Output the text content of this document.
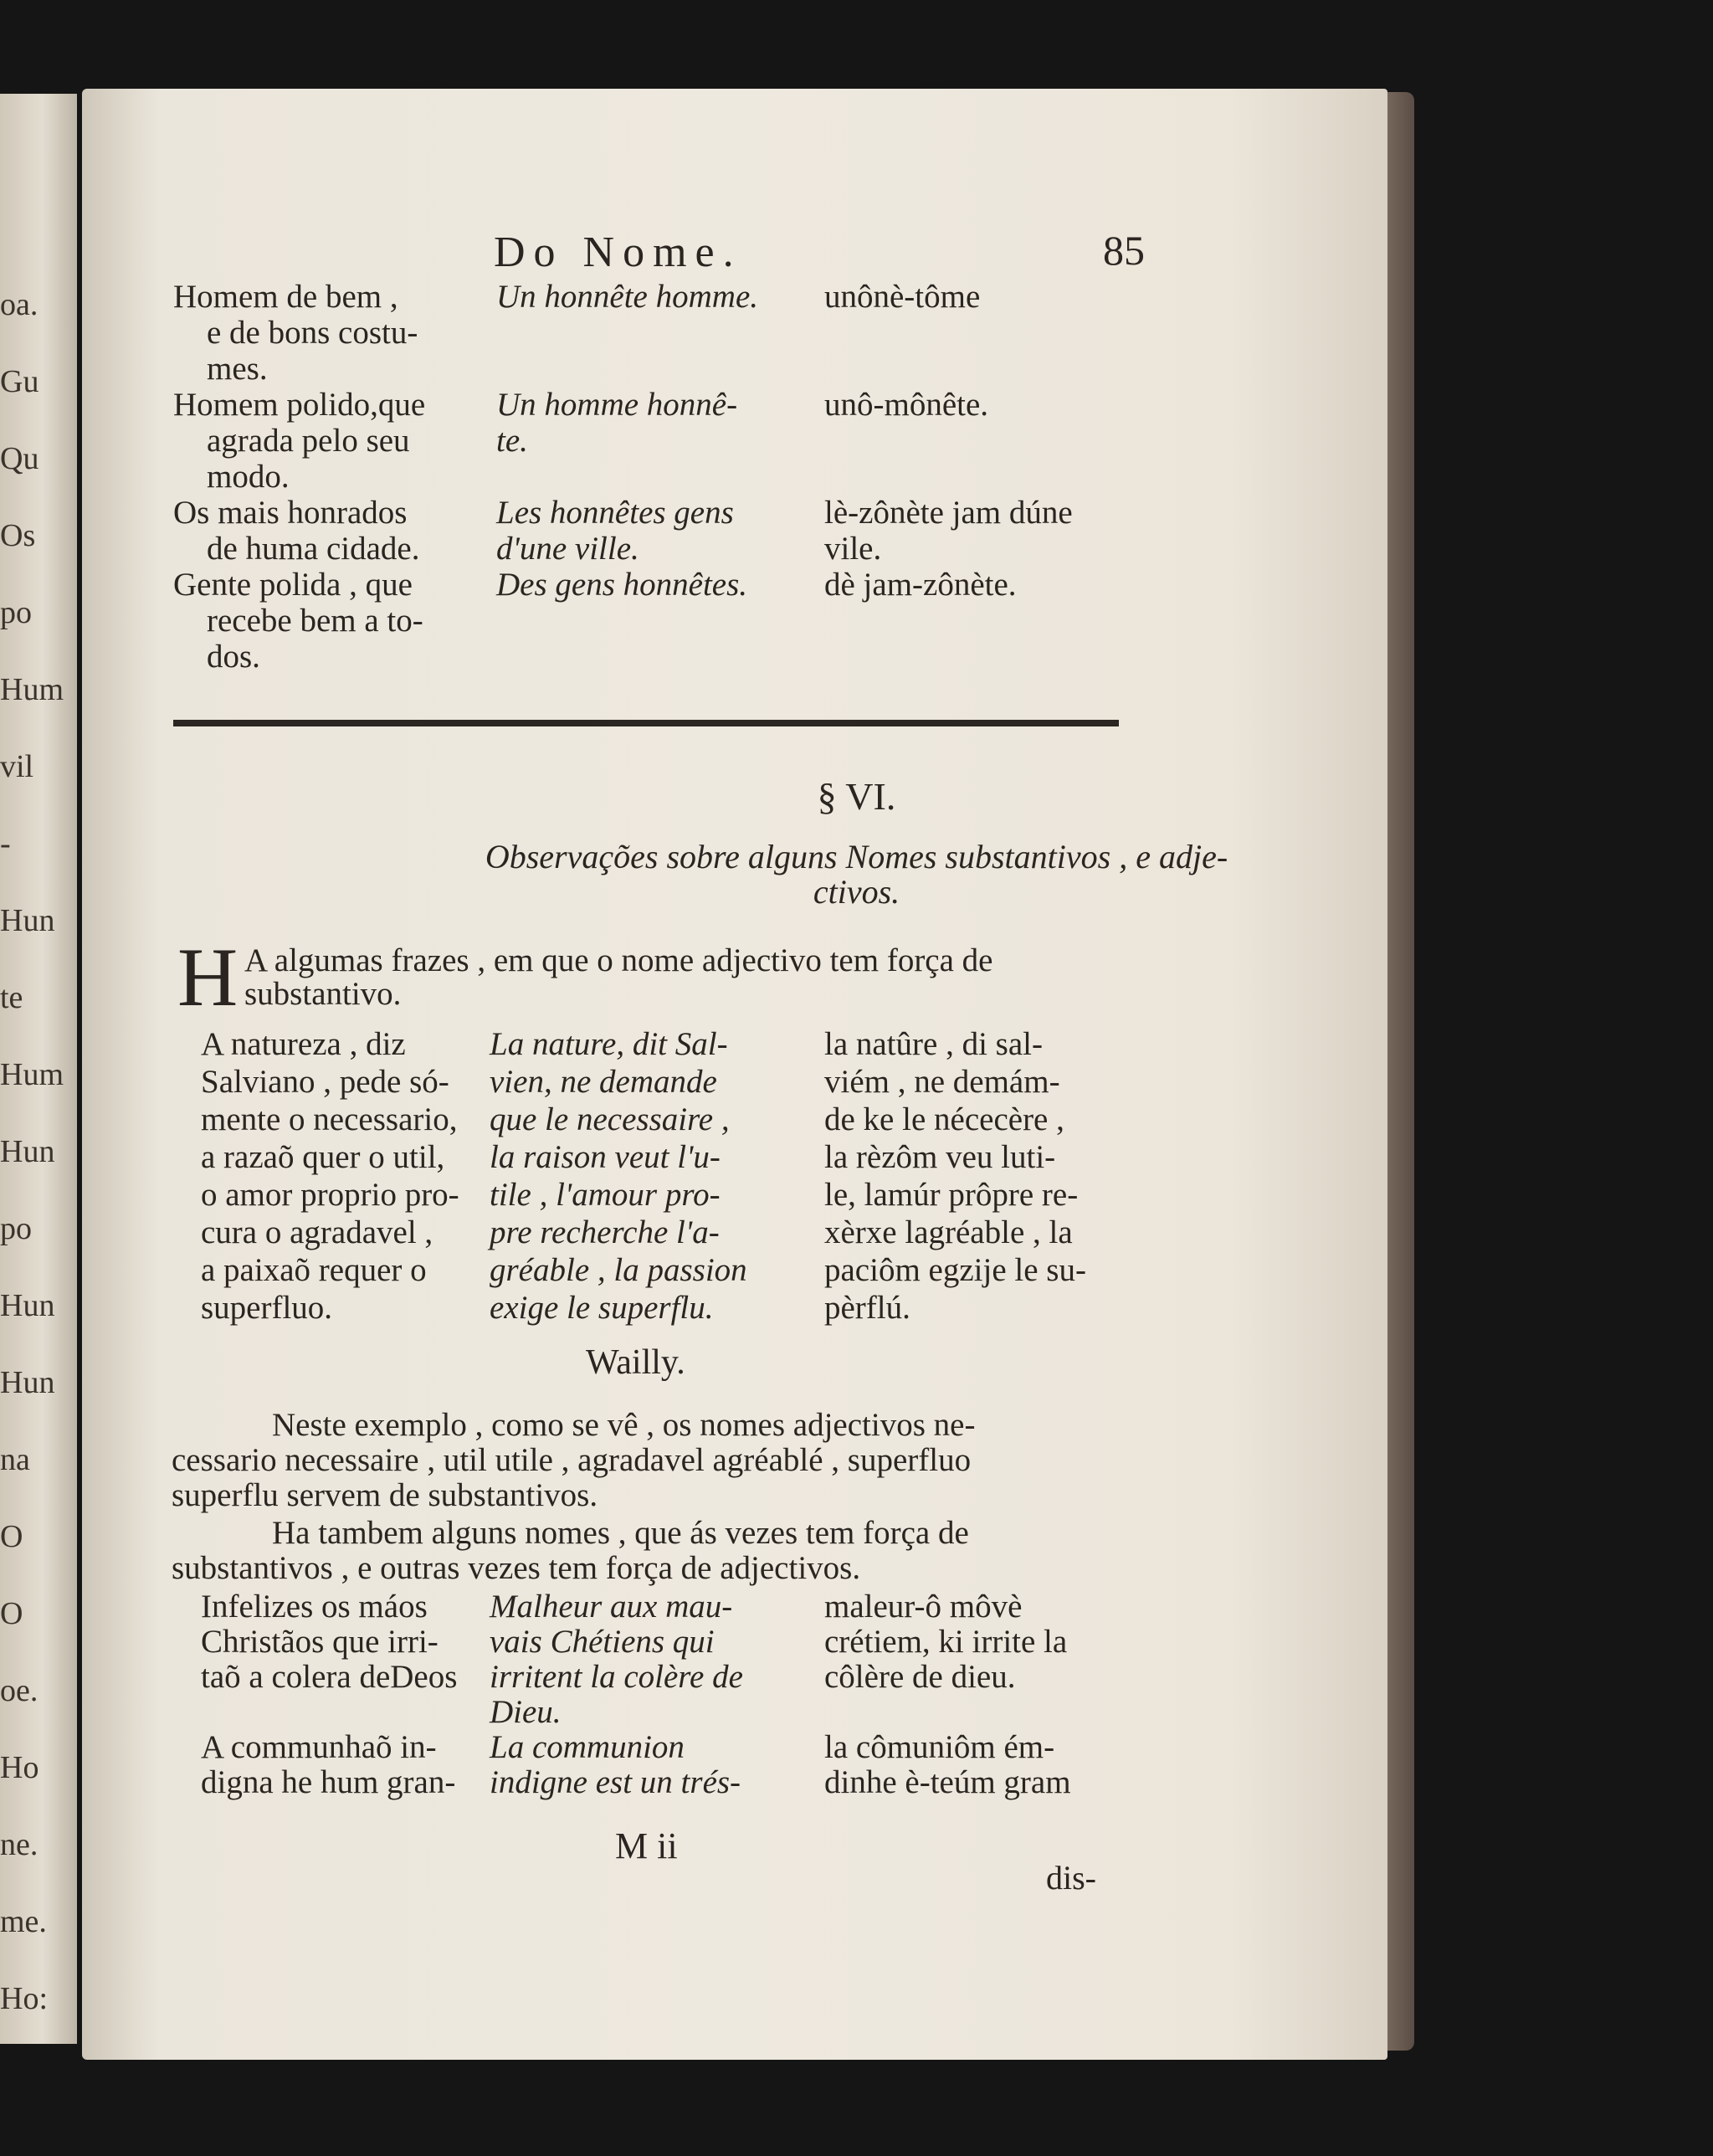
oa.
Gu
Qu
Os
po
Hum
vil
-
Hun
te
Hum
Hun
po
Hun
Hun
na
O
O
oe.
Ho
ne.
me.
Ho:
Do Nome.	85
Homem de bem ,
e de bons costu-
mes.
Homem polido,que
agrada pelo seu
modo.
Os mais honrados
de huma cidade.
Gente polida , que
recebe bem a to-
dos.
Un honnête homme.
Un homme honnê-
te.
Les honnêtes gens
d'une ville.
Des gens honnêtes.
unônè-tôme
unô-mônête.
lè-zônète jam dúne
vile.
dè jam-zônète.
§ VI.
Observações sobre alguns Nomes substantivos , e adje-
ctivos.
H A algumas frazes , em que o nome adjectivo tem força de
substantivo.
A natureza , diz
Salviano , pede só-
mente o necessario,
a razaõ quer o util,
o amor proprio pro-
cura o agradavel ,
a paixaõ requer o
superfluo.
La nature, dit Sal-
vien, ne demande
que le necessaire ,
la raison veut l'u-
tile , l'amour pro-
pre recherche l'a-
gréable , la passion
exige le superflu.
la natûre , di sal-
viém , ne demám-
de ke le nécecère ,
la rèzôm veu luti-
le, lamúr prôpre re-
xèrxe lagréable , la
paciôm egzije le su-
pèrflú.
Wailly.
Neste exemplo , como se vê , os nomes adjectivos ne-
cessario necessaire , util utile , agradavel agréablé , superfluo
superflu servem de substantivos.
Ha tambem alguns nomes , que ás vezes tem força de
substantivos , e outras vezes tem força de adjectivos.
Infelizes os máos
Christãos que irri-
taõ a colera deDeos
A communhaõ in-
digna he hum gran-
Malheur aux mau-
vais Chétiens qui
irritent la colère de
Dieu.
La communion
indigne est un trés-
maleur-ô môvè
crétiem, ki irrite la
côlère de dieu.
la cômuniôm ém-
dinhe è-teúm gram
M ii
dis-
